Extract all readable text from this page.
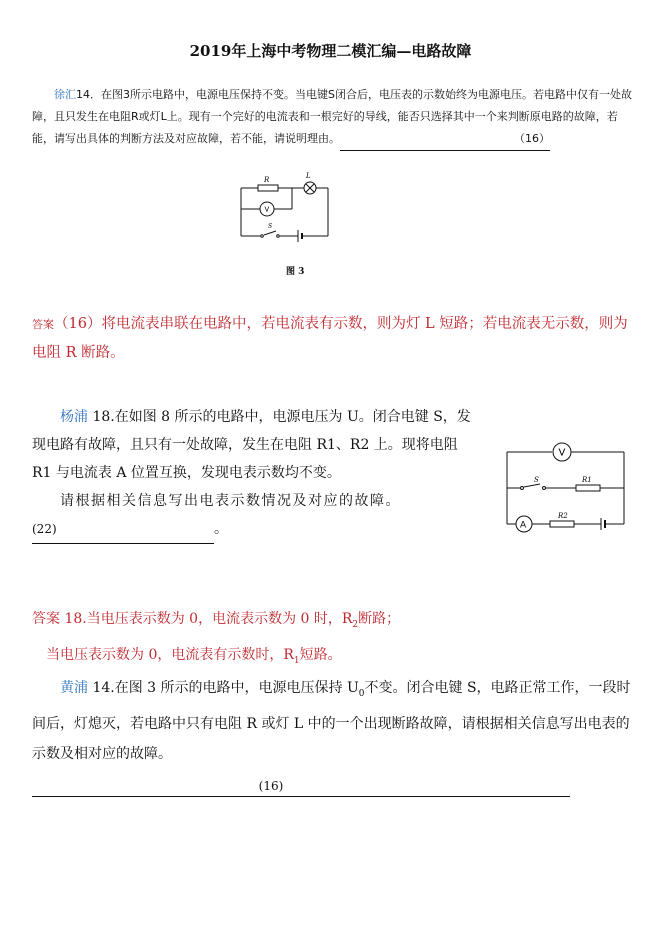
2019年上海中考物理二模汇编—电路故障
徐汇14．在图3所示电路中，电源电压保持不变。当电键S闭合后，电压表的示数始终为电源电压。若电路中仅有一处故障，且只发生在电阻R或灯L上。现有一个完好的电流表和一根完好的导线，能否只选择其中一个来判断原电路的故障，若能，请写出具体的判断方法及对应故障，若不能，请说明理由。	（16）
R	L
V
S
图 3
答案（16）将电流表串联在电路中，若电流表有示数，则为灯 L 短路；若电流表无示数，则为电阻 R 断路。
杨浦 18.在如图 8 所示的电路中，电源电压为 U。闭合电键 S，发
现电路有故障，且只有一处故障，发生在电阻 R1、R2 上。现将电阻
R1 与电流表 A 位置互换，发现电表示数均不变。
请根据相关信息写出电表示数情况及对应的故障。
(22)	。
V
S	R1
R2
A
答案 18.当电压表示数为 0，电流表示数为 0 时，$R_2$断路；
当电压表示数为 0，电流表有示数时，$R_1$短路。
黄浦 14.在图 3 所示的电路中，电源电压保持 $U_0$不变。闭合电键 S，电路正常工作，一段时间后，灯熄灭，若电路中只有电阻 R 或灯 L 中的一个出现断路故障，请根据相关信息写出电表的示数及相对应的故障。
(16)
